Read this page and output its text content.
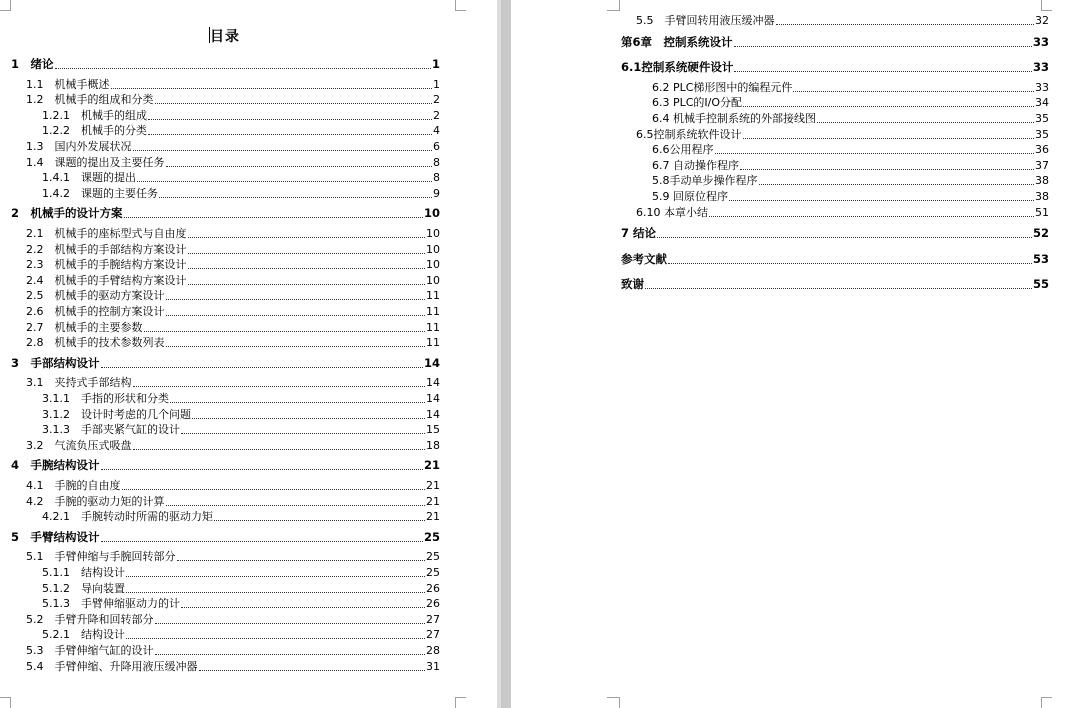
目录
1　绪论	1
1.1　机械手概述	1
1.2　机械手的组成和分类	2
1.2.1　机械手的组成	2
1.2.2　机械手的分类	4
1.3　国内外发展状况	6
1.4　课题的提出及主要任务	8
1.4.1　课题的提出	8
1.4.2　课题的主要任务	9
2　机械手的设计方案	10
2.1　机械手的座标型式与自由度	10
2.2　机械手的手部结构方案设计	10
2.3　机械手的手腕结构方案设计	10
2.4　机械手的手臂结构方案设计	10
2.5　机械手的驱动方案设计	11
2.6　机械手的控制方案设计	11
2.7　机械手的主要参数	11
2.8　机械手的技术参数列表	11
3　手部结构设计	14
3.1　夹持式手部结构	14
3.1.1　手指的形状和分类	14
3.1.2　设计时考虑的几个问题	14
3.1.3　手部夹紧气缸的设计	15
3.2　气流负压式吸盘	18
4　手腕结构设计	21
4.1　手腕的自由度	21
4.2　手腕的驱动力矩的计算	21
4.2.1　手腕转动时所需的驱动力矩	21
5　手臂结构设计	25
5.1　手臂伸缩与手腕回转部分	25
5.1.1　结构设计	25
5.1.2　导向装置	26
5.1.3　手臂伸缩驱动力的计	26
5.2　手臂升降和回转部分	27
5.2.1　结构设计	27
5.3　手臂伸缩气缸的设计	28
5.4　手臂伸缩、升降用液压缓冲器	31
5.5　手臂回转用液压缓冲器	32
第6章　控制系统设计	33
6.1控制系统硬件设计	33
6.2 PLC梯形图中的编程元件	33
6.3 PLC的I/O分配	34
6.4 机械手控制系统的外部接线图	35
6.5控制系统软件设计	35
6.6公用程序	36
6.7 自动操作程序	37
5.8手动单步操作程序	38
5.9 回原位程序	38
6.10 本章小结	51
7 结论	52
参考文献	53
致谢	55
